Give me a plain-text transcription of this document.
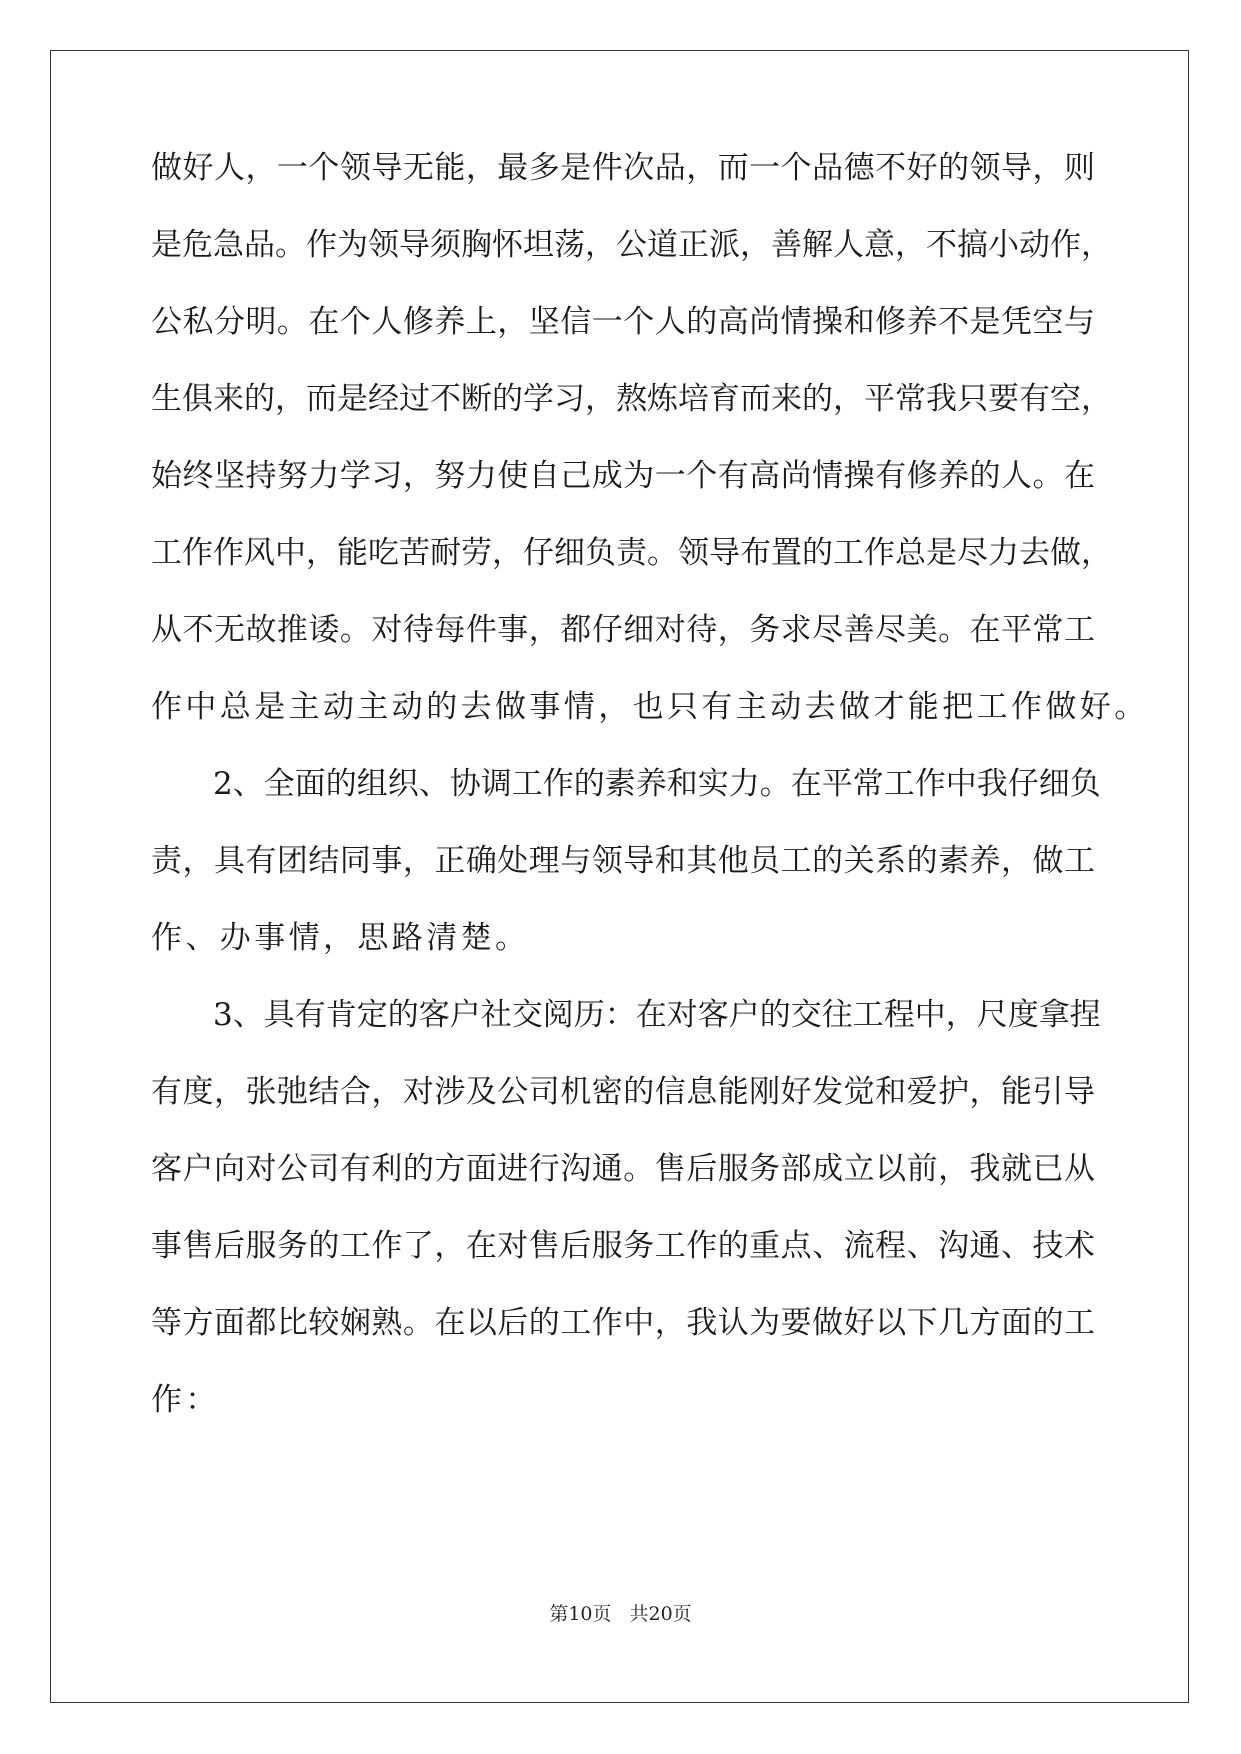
做好人，一个领导无能，最多是件次品，而一个品德不好的领导，则
是危急品。作为领导须胸怀坦荡，公道正派，善解人意，不搞小动作，
公私分明。在个人修养上，坚信一个人的高尚情操和修养不是凭空与
生俱来的，而是经过不断的学习，熬炼培育而来的，平常我只要有空，
始终坚持努力学习，努力使自己成为一个有高尚情操有修养的人。在
工作作风中，能吃苦耐劳，仔细负责。领导布置的工作总是尽力去做，
从不无故推诿。对待每件事，都仔细对待，务求尽善尽美。在平常工
作中总是主动主动的去做事情，也只有主动去做才能把工作做好。
2、全面的组织、协调工作的素养和实力。在平常工作中我仔细负
责，具有团结同事，正确处理与领导和其他员工的关系的素养，做工
作、办事情，思路清楚。
3、具有肯定的客户社交阅历：在对客户的交往工程中，尺度拿捏
有度，张弛结合，对涉及公司机密的信息能刚好发觉和爱护，能引导
客户向对公司有利的方面进行沟通。售后服务部成立以前，我就已从
事售后服务的工作了，在对售后服务工作的重点、流程、沟通、技术
等方面都比较娴熟。在以后的工作中，我认为要做好以下几方面的工
作：
第10页 共20页
